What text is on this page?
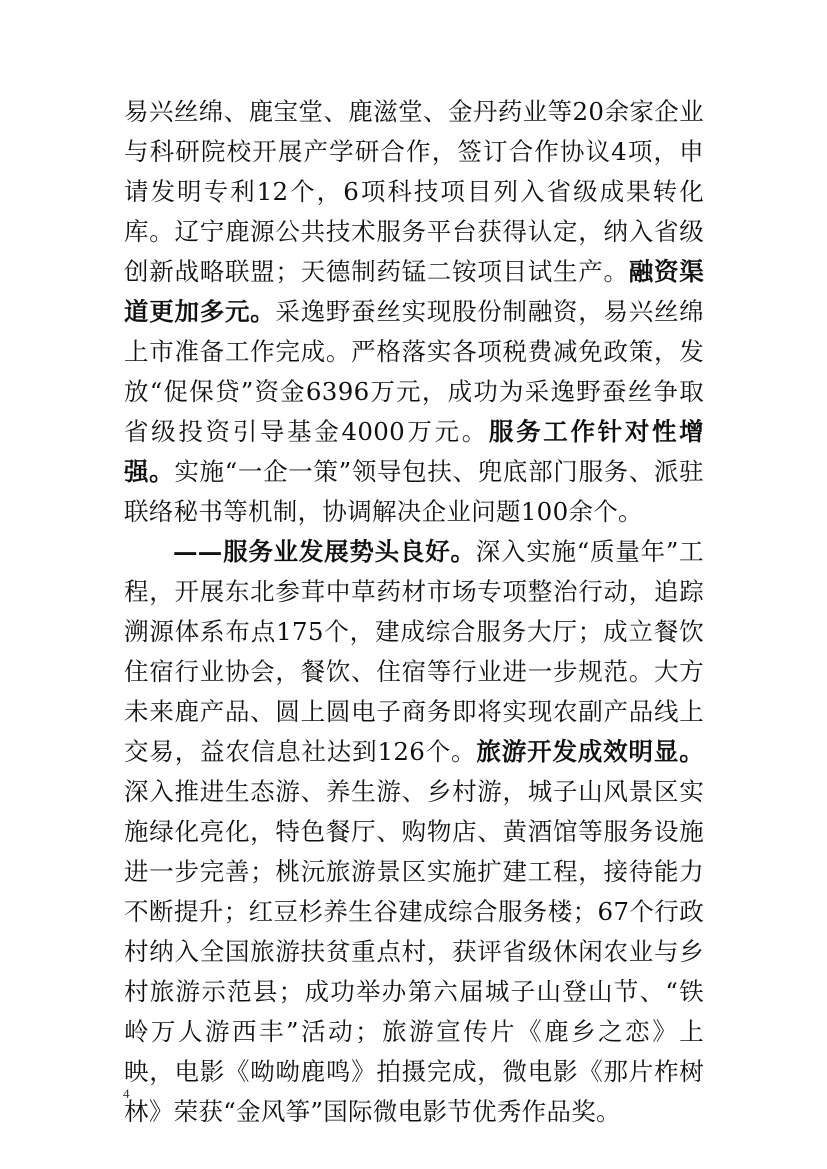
易兴丝绵、鹿宝堂、鹿滋堂、金丹药业等20余家企业与科研院校开展产学研合作，签订合作协议4项，申请发明专利12个，6项科技项目列入省级成果转化库。辽宁鹿源公共技术服务平台获得认定，纳入省级创新战略联盟；天德制药锰二铵项目试生产。融资渠道更加多元。采逸野蚕丝实现股份制融资，易兴丝绵上市准备工作完成。严格落实各项税费减免政策，发放“促保贷”资金6396万元，成功为采逸野蚕丝争取省级投资引导基金4000万元。服务工作针对性增强。实施“一企一策”领导包扶、兜底部门服务、派驻联络秘书等机制，协调解决企业问题100余个。

——服务业发展势头良好。深入实施“质量年”工程，开展东北参茸中草药材市场专项整治行动，追踪溯源体系布点175个，建成综合服务大厅；成立餐饮住宿行业协会，餐饮、住宿等行业进一步规范。大方未来鹿产品、圆上圆电子商务即将实现农副产品线上交易，益农信息社达到126个。旅游开发成效明显。深入推进生态游、养生游、乡村游，城子山风景区实施绿化亮化，特色餐厅、购物店、黄酒馆等服务设施进一步完善；桃沅旅游景区实施扩建工程，接待能力不断提升；红豆杉养生谷建成综合服务楼；67个行政村纳入全国旅游扶贫重点村，获评省级休闲农业与乡村旅游示范县；成功举办第六届城子山登山节、“铁岭万人游西丰”活动；旅游宣传片《鹿乡之恋》上映，电影《呦呦鹿鸣》拍摄完成，微电影《那片柞树林》荣获“金风筝”国际微电影节优秀作品奖。

4
